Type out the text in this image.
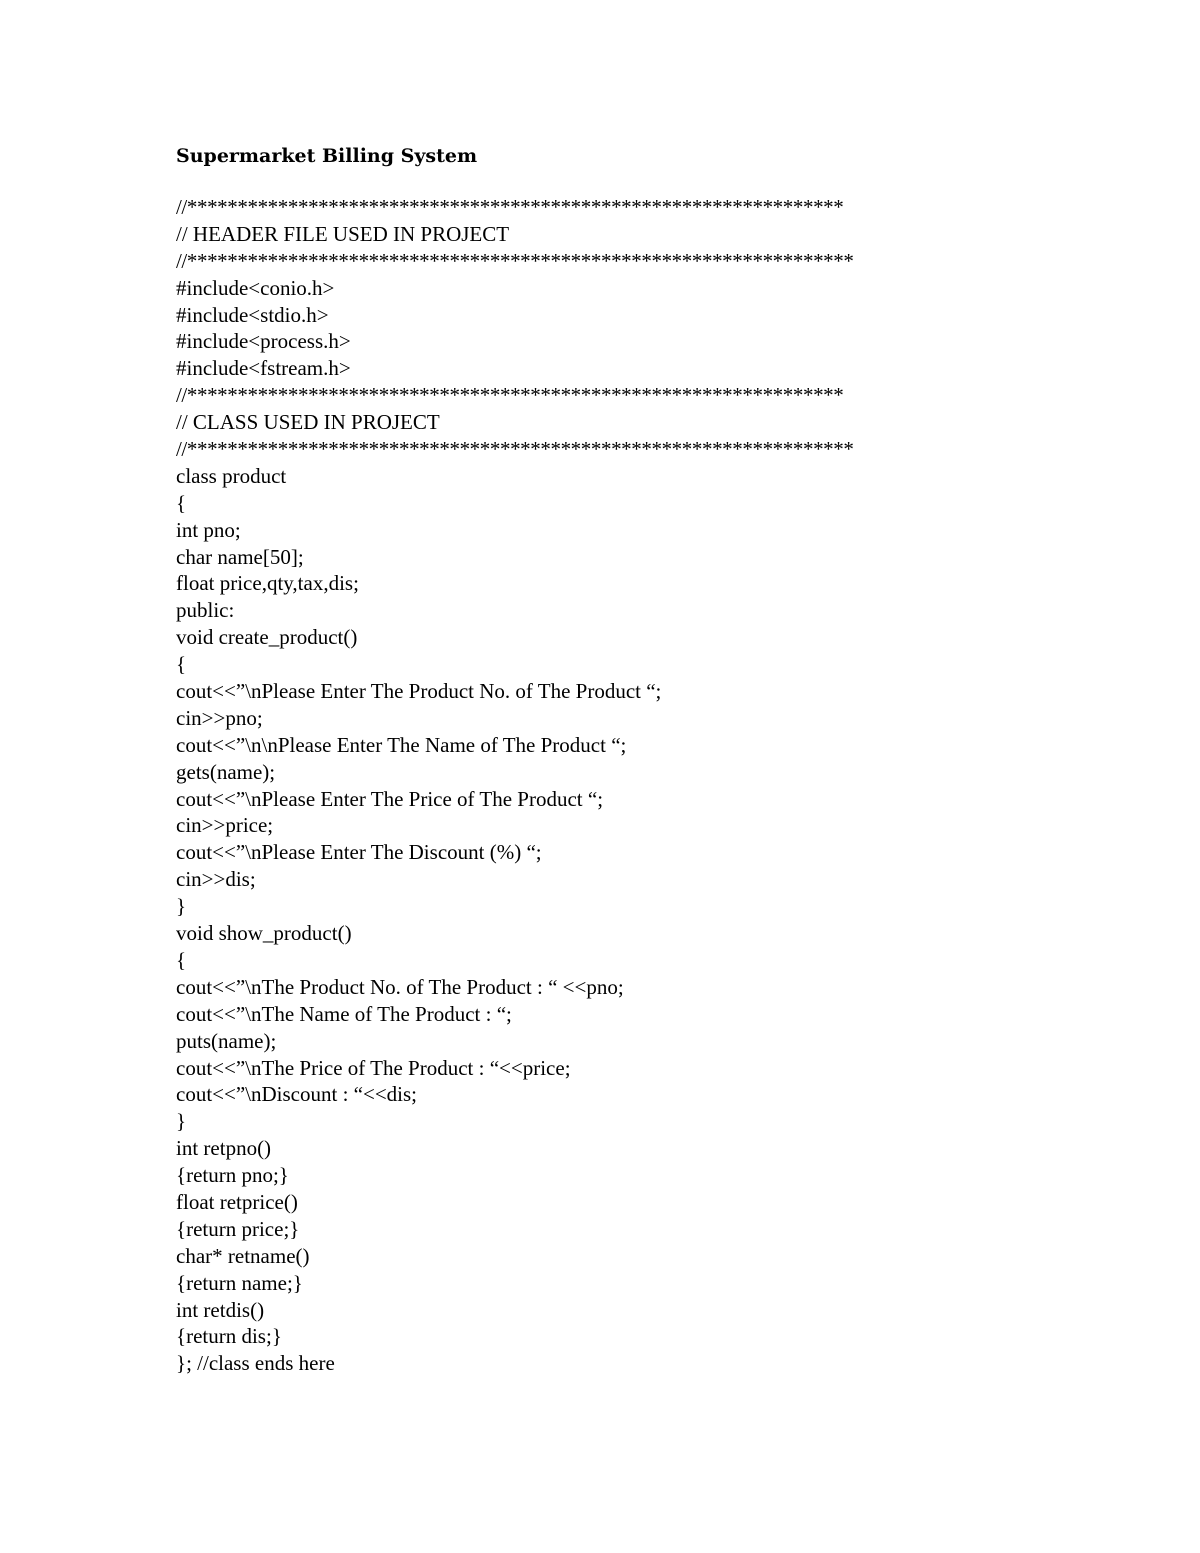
Supermarket Billing System
//*****************************************************************
// HEADER FILE USED IN PROJECT
//******************************************************************
#include<conio.h>
#include<stdio.h>
#include<process.h>
#include<fstream.h>
//*****************************************************************
// CLASS USED IN PROJECT
//******************************************************************
class product
{
int pno;
char name[50];
float price,qty,tax,dis;
public:
void create_product()
{
cout<<”\nPlease Enter The Product No. of The Product “;
cin>>pno;
cout<<”\n\nPlease Enter The Name of The Product “;
gets(name);
cout<<”\nPlease Enter The Price of The Product “;
cin>>price;
cout<<”\nPlease Enter The Discount (%) “;
cin>>dis;
}
void show_product()
{
cout<<”\nThe Product No. of The Product : “ <<pno;
cout<<”\nThe Name of The Product : “;
puts(name);
cout<<”\nThe Price of The Product : “<<price;
cout<<”\nDiscount : “<<dis;
}
int retpno()
{return pno;}
float retprice()
{return price;}
char* retname()
{return name;}
int retdis()
{return dis;}
}; //class ends here
